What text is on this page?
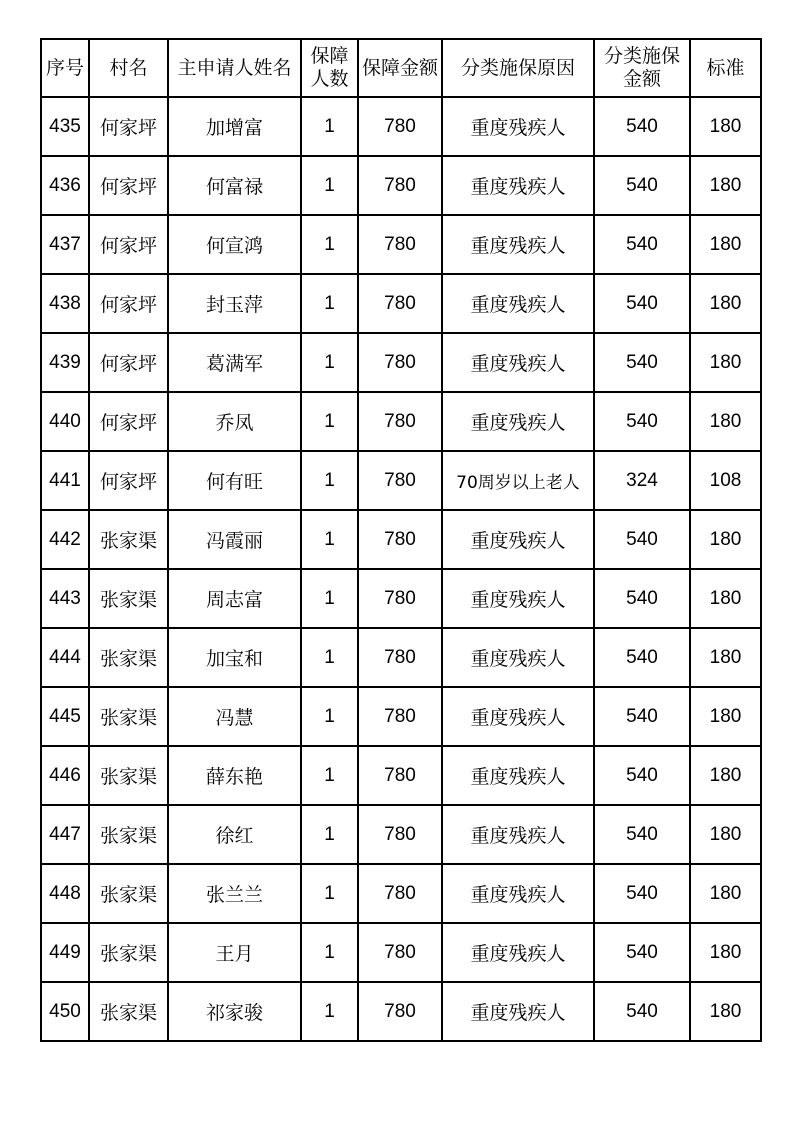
序号	村名	主申请人姓名	保障人数	保障金额	分类施保原因	分类施保金额	标准
435	何家坪	加增富	1	780	重度残疾人	540	180
436	何家坪	何富禄	1	780	重度残疾人	540	180
437	何家坪	何宣鸿	1	780	重度残疾人	540	180
438	何家坪	封玉萍	1	780	重度残疾人	540	180
439	何家坪	葛满军	1	780	重度残疾人	540	180
440	何家坪	乔凤	1	780	重度残疾人	540	180
441	何家坪	何有旺	1	780	70周岁以上老人	324	108
442	张家渠	冯霞丽	1	780	重度残疾人	540	180
443	张家渠	周志富	1	780	重度残疾人	540	180
444	张家渠	加宝和	1	780	重度残疾人	540	180
445	张家渠	冯慧	1	780	重度残疾人	540	180
446	张家渠	薛东艳	1	780	重度残疾人	540	180
447	张家渠	徐红	1	780	重度残疾人	540	180
448	张家渠	张兰兰	1	780	重度残疾人	540	180
449	张家渠	王月	1	780	重度残疾人	540	180
450	张家渠	祁家骏	1	780	重度残疾人	540	180
